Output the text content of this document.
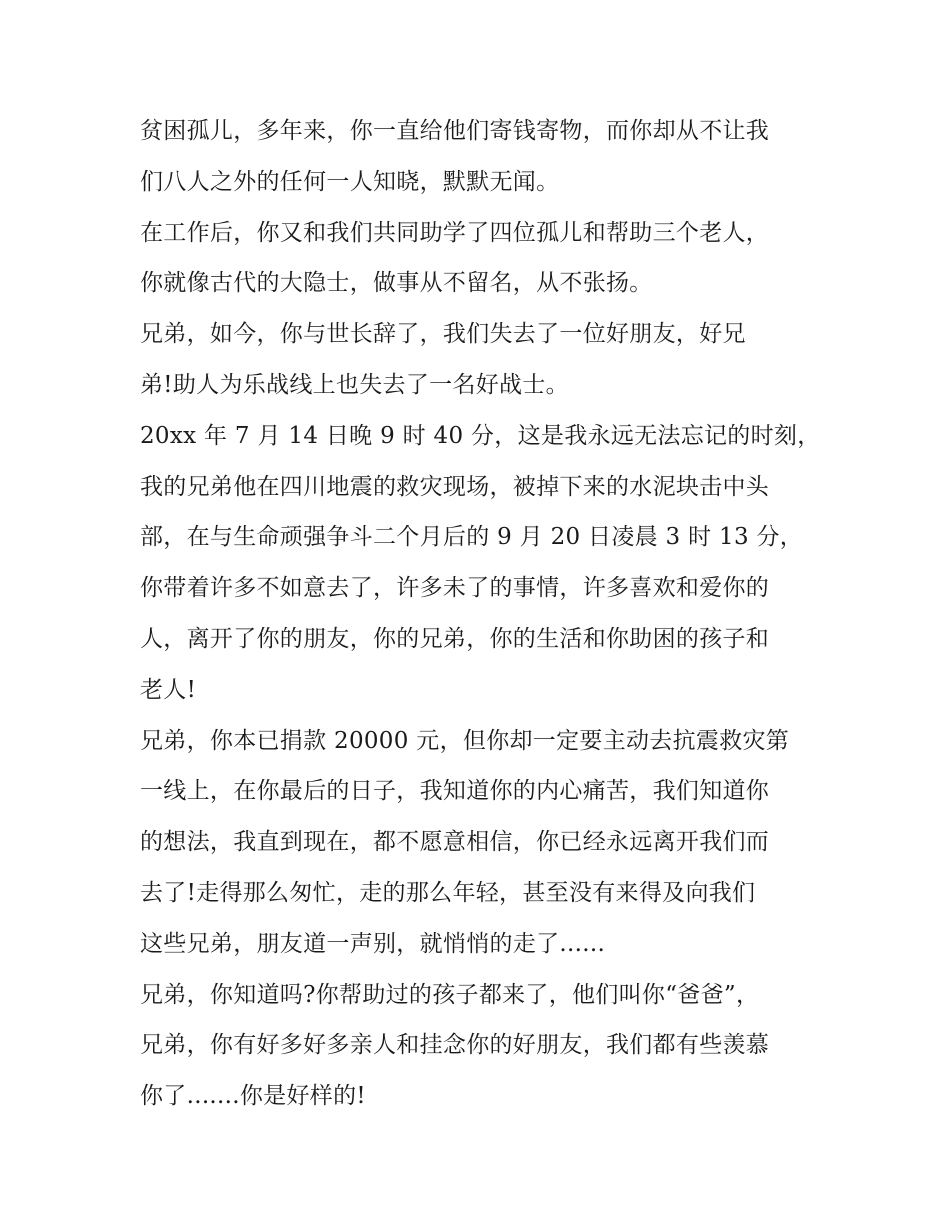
贫困孤儿，多年来，你一直给他们寄钱寄物，而你却从不让我
们八人之外的任何一人知晓，默默无闻。
在工作后，你又和我们共同助学了四位孤儿和帮助三个老人，
你就像古代的大隐士，做事从不留名，从不张扬。
兄弟，如今，你与世长辞了，我们失去了一位好朋友，好兄
弟!助人为乐战线上也失去了一名好战士。
20xx 年 7 月 14 日晚 9 时 40 分，这是我永远无法忘记的时刻，
我的兄弟他在四川地震的救灾现场，被掉下来的水泥块击中头
部，在与生命顽强争斗二个月后的 9 月 20 日凌晨 3 时 13 分，
你带着许多不如意去了，许多未了的事情，许多喜欢和爱你的
人，离开了你的朋友，你的兄弟，你的生活和你助困的孩子和
老人!
兄弟，你本已捐款 20000 元，但你却一定要主动去抗震救灾第
一线上，在你最后的日子，我知道你的内心痛苦，我们知道你
的想法，我直到现在，都不愿意相信，你已经永远离开我们而
去了!走得那么匆忙，走的那么年轻，甚至没有来得及向我们
这些兄弟，朋友道一声别，就悄悄的走了......
兄弟，你知道吗?你帮助过的孩子都来了，他们叫你“爸爸”，
兄弟，你有好多好多亲人和挂念你的好朋友，我们都有些羡慕
你了.......你是好样的!
